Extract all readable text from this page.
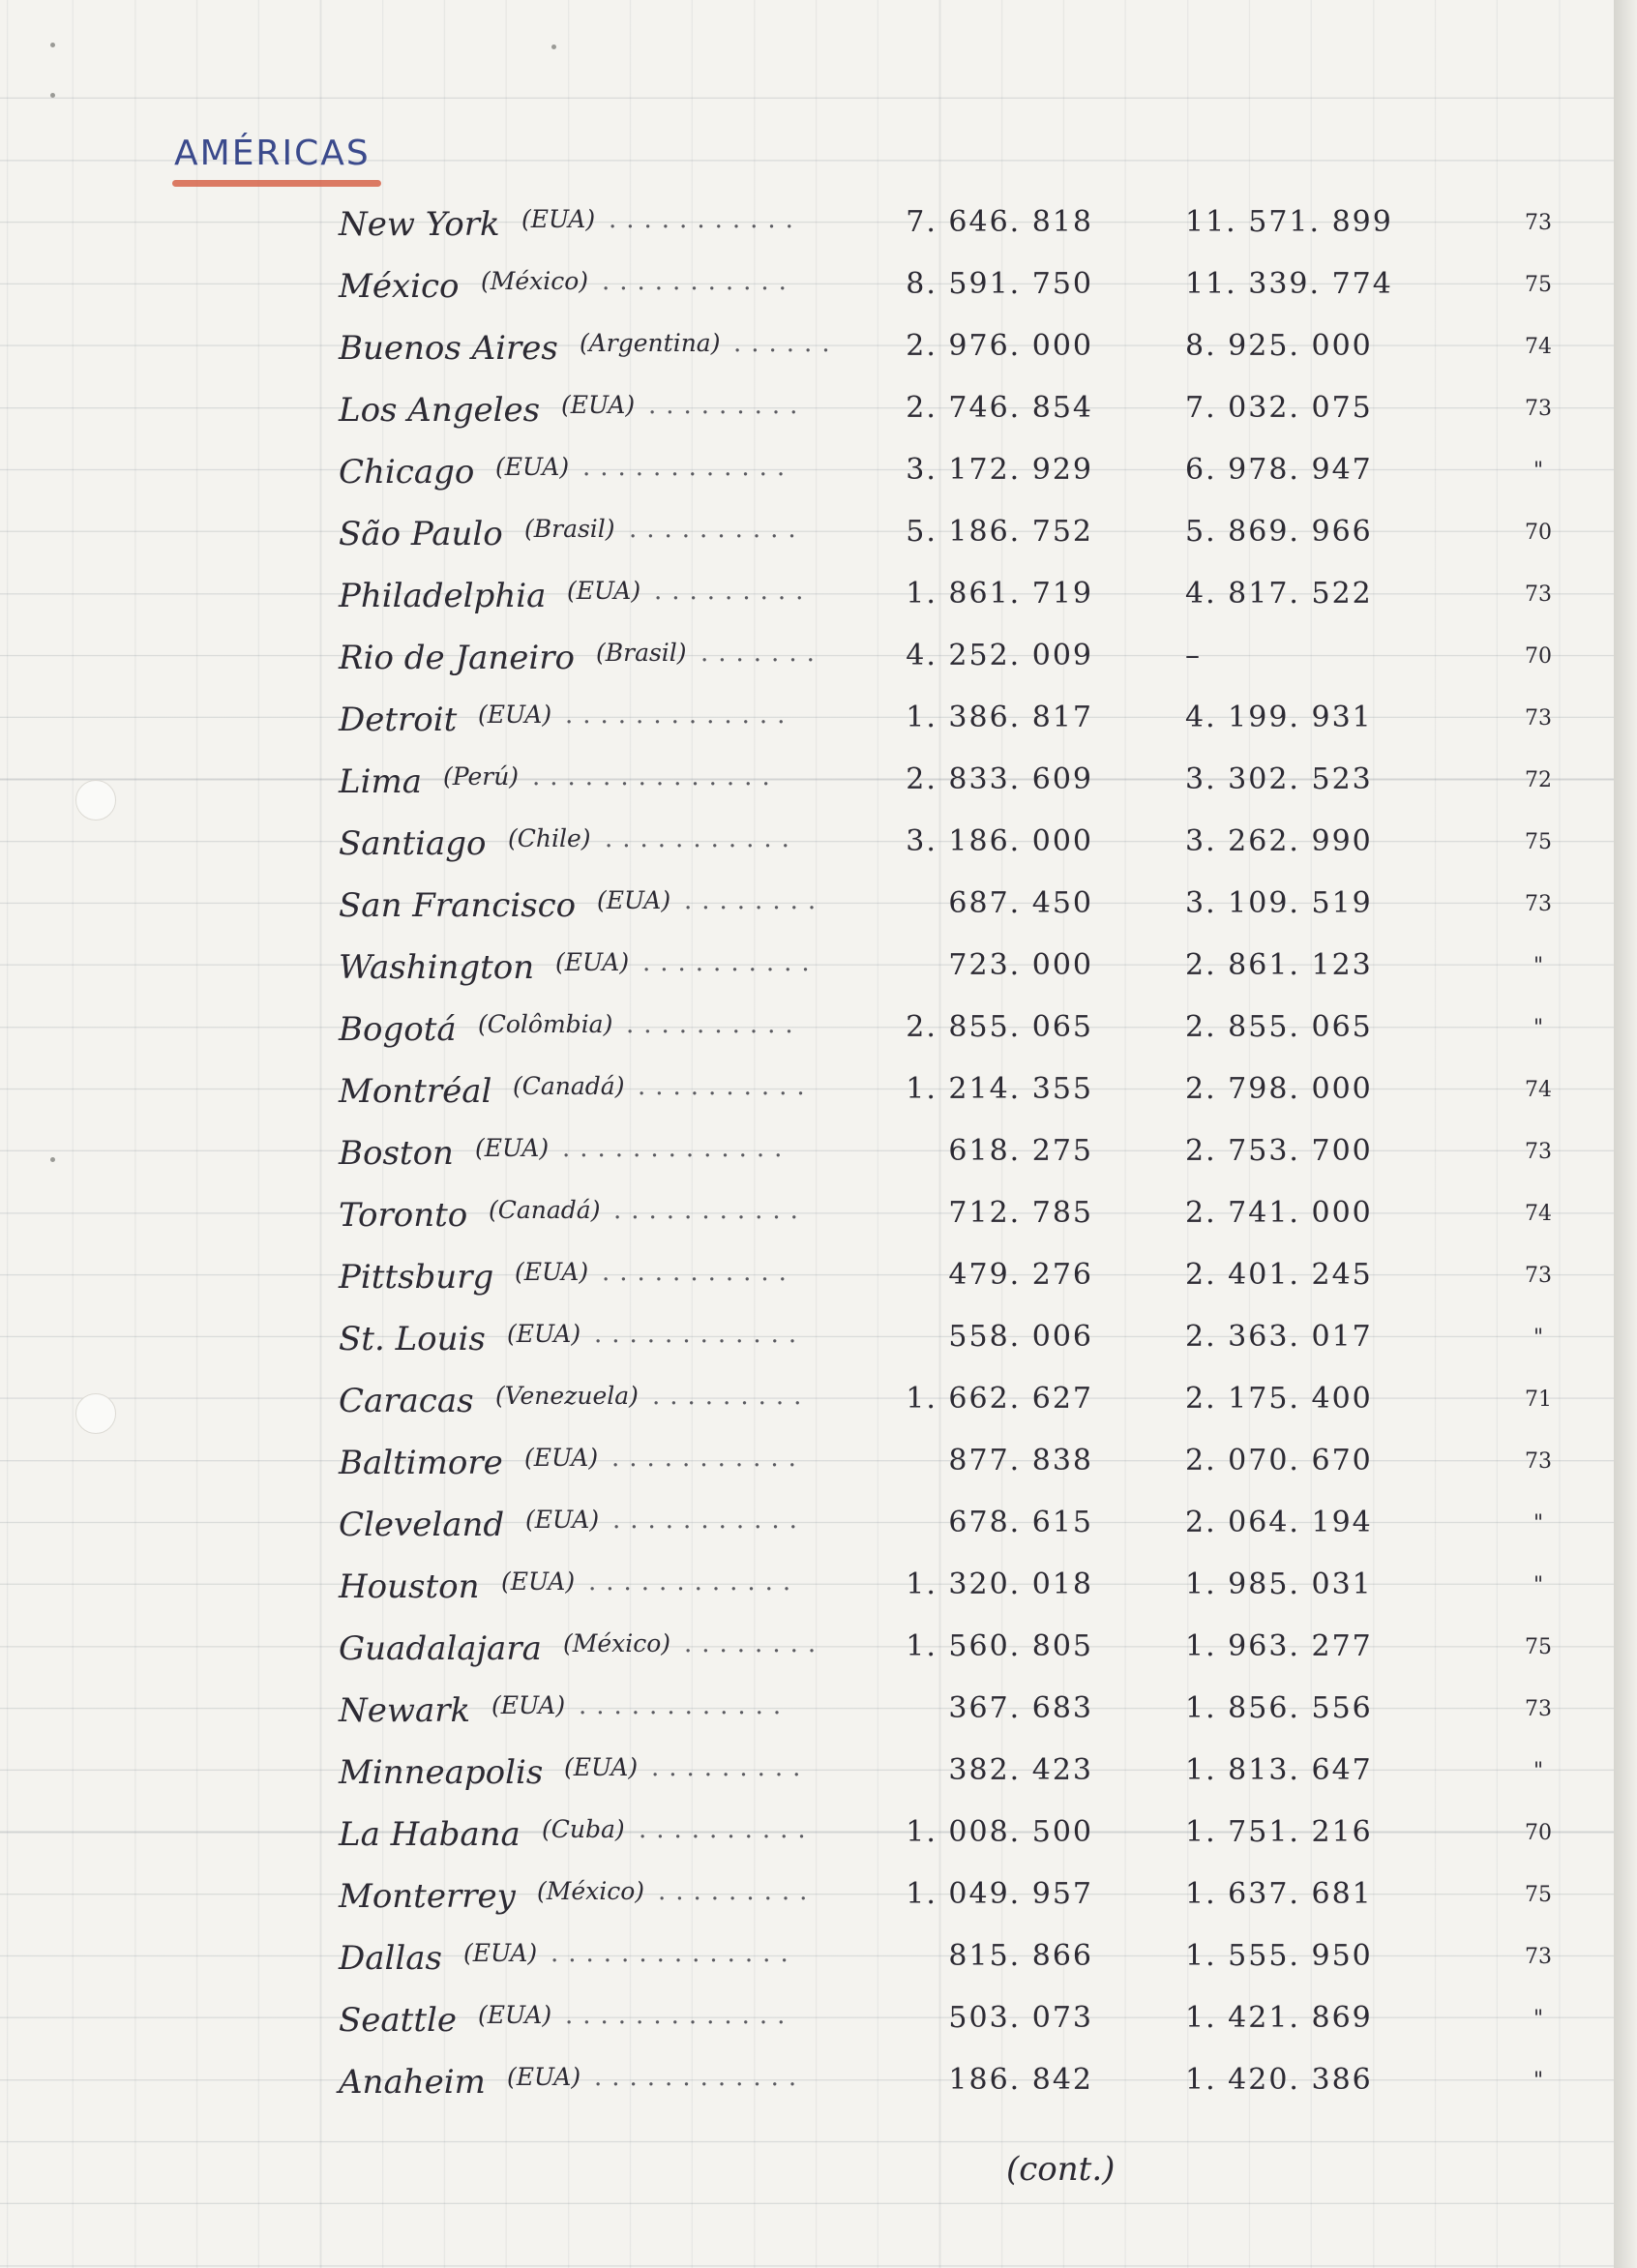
AMÉRICAS
New York (EUA) ...........	7. 646. 818	11. 571. 899	73
México (México) ...........	8. 591. 750	11. 339. 774	75
Buenos Aires (Argentina) ......	2. 976. 000	8. 925. 000	74
Los Angeles (EUA) .........	2. 746. 854	7. 032. 075	73
Chicago (EUA) ............	3. 172. 929	6. 978. 947	"
São Paulo (Brasil) ..........	5. 186. 752	5. 869. 966	70
Philadelphia (EUA) .........	1. 861. 719	4. 817. 522	73
Rio de Janeiro (Brasil) .......	4. 252. 009	–	70
Detroit (EUA) .............	1. 386. 817	4. 199. 931	73
Lima (Perú) ..............	2. 833. 609	3. 302. 523	72
Santiago (Chile) ...........	3. 186. 000	3. 262. 990	75
San Francisco (EUA) ........	687. 450	3. 109. 519	73
Washington (EUA) ..........	723. 000	2. 861. 123	"
Bogotá (Colômbia) ..........	2. 855. 065	2. 855. 065	"
Montréal (Canadá) ..........	1. 214. 355	2. 798. 000	74
Boston (EUA) .............	618. 275	2. 753. 700	73
Toronto (Canadá) ...........	712. 785	2. 741. 000	74
Pittsburg (EUA) ...........	479. 276	2. 401. 245	73
St. Louis (EUA) ............	558. 006	2. 363. 017	"
Caracas (Venezuela) .........	1. 662. 627	2. 175. 400	71
Baltimore (EUA) ...........	877. 838	2. 070. 670	73
Cleveland (EUA) ...........	678. 615	2. 064. 194	"
Houston (EUA) ............	1. 320. 018	1. 985. 031	"
Guadalajara (México) ........	1. 560. 805	1. 963. 277	75
Newark (EUA) ............	367. 683	1. 856. 556	73
Minneapolis (EUA) .........	382. 423	1. 813. 647	"
La Habana (Cuba) ..........	1. 008. 500	1. 751. 216	70
Monterrey (México) .........	1. 049. 957	1. 637. 681	75
Dallas (EUA) ..............	815. 866	1. 555. 950	73
Seattle (EUA) .............	503. 073	1. 421. 869	"
Anaheim (EUA) ............	186. 842	1. 420. 386	"
(cont.)
